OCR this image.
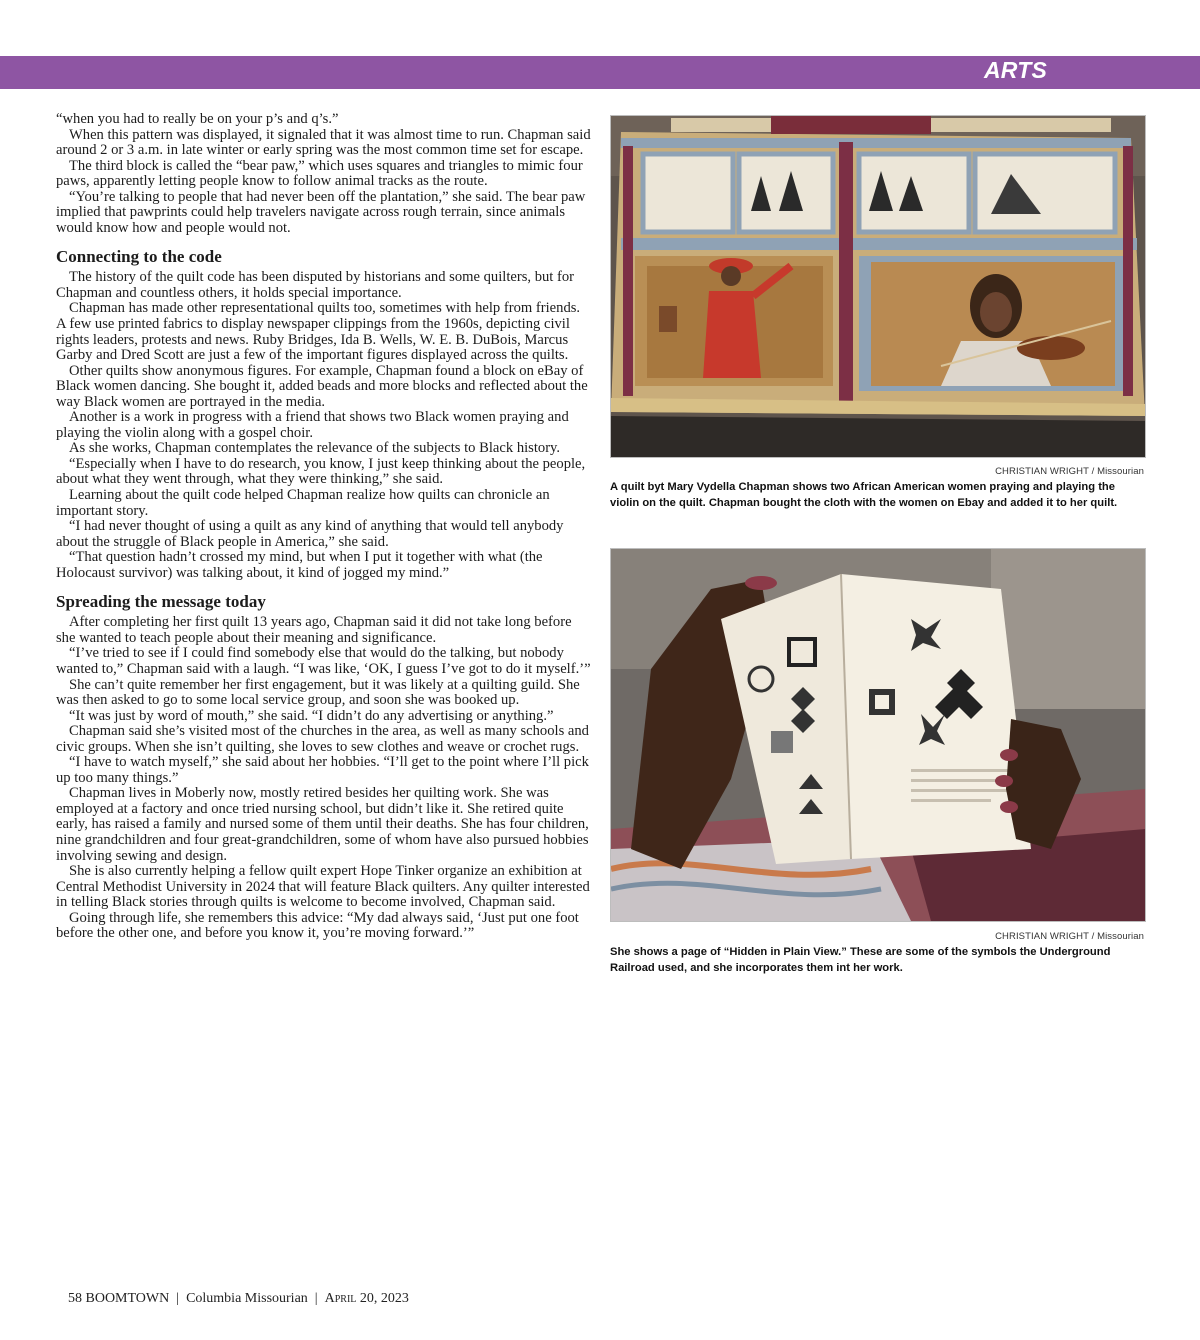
ARTS

“when you had to really be on your p’s and q’s.”

When this pattern was displayed, it signaled that it was almost time to run. Chapman said around 2 or 3 a.m. in late winter or early spring was the most common time set for escape.

The third block is called the “bear paw,” which uses squares and triangles to mimic four paws, apparently letting people know to follow animal tracks as the route.

“You’re talking to people that had never been off the plantation,” she said. The bear paw implied that pawprints could help travelers navigate across rough terrain, since animals would know how and people would not.

Connecting to the code

The history of the quilt code has been disputed by historians and some quilters, but for Chapman and countless others, it holds special importance.

Chapman has made other representational quilts too, sometimes with help from friends. A few use printed fabrics to display newspaper clippings from the 1960s, depicting civil rights leaders, protests and news. Ruby Bridges, Ida B. Wells, W. E. B. DuBois, Marcus Garby and Dred Scott are just a few of the important figures displayed across the quilts.

Other quilts show anonymous figures. For example, Chapman found a block on eBay of Black women dancing. She bought it, added beads and more blocks and reflected about the way Black women are portrayed in the media.

Another is a work in progress with a friend that shows two Black women praying and playing the violin along with a gospel choir.

As she works, Chapman contemplates the relevance of the subjects to Black history.

“Especially when I have to do research, you know, I just keep thinking about the people, about what they went through, what they were thinking,” she said.

Learning about the quilt code helped Chapman realize how quilts can chronicle an important story.

“I had never thought of using a quilt as any kind of anything that would tell anybody about the struggle of Black people in America,” she said.

“That question hadn’t crossed my mind, but when I put it together with what (the Holocaust survivor) was talking about, it kind of jogged my mind.”

Spreading the message today

After completing her first quilt 13 years ago, Chapman said it did not take long before she wanted to teach people about their meaning and significance.

“I’ve tried to see if I could find somebody else that would do the talking, but nobody wanted to,” Chapman said with a laugh. “I was like, ‘OK, I guess I’ve got to do it myself.’”

She can’t quite remember her first engagement, but it was likely at a quilting guild. She was then asked to go to some local service group, and soon she was booked up.

“It was just by word of mouth,” she said. “I didn’t do any advertising or anything.”

Chapman said she’s visited most of the churches in the area, as well as many schools and civic groups. When she isn’t quilting, she loves to sew clothes and weave or crochet rugs.

“I have to watch myself,” she said about her hobbies. “I’ll get to the point where I’ll pick up too many things.”

Chapman lives in Moberly now, mostly retired besides her quilting work. She was employed at a factory and once tried nursing school, but didn’t like it. She retired quite early, has raised a family and nursed some of them until their deaths. She has four children, nine grandchildren and four great-grandchildren, some of whom have also pursued hobbies involving sewing and design.

She is also currently helping a fellow quilt expert Hope Tinker organize an exhibition at Central Methodist University in 2024 that will feature Black quilters. Any quilter interested in telling Black stories through quilts is welcome to become involved, Chapman said.

Going through life, she remembers this advice: “My dad always said, ‘Just put one foot before the other one, and before you know it, you’re moving forward.’”

CHRISTIAN WRIGHT / Missourian
A quilt byt Mary Vydella Chapman shows two African American women praying and playing the violin on the quilt. Chapman bought the cloth with the women on Ebay and added it to her quilt.
CHRISTIAN WRIGHT / Missourian
She shows a page of “Hidden in Plain View.” These are some of the symbols the Underground Railroad used, and she incorporates them int her work.
58 BOOMTOWN | Columbia Missourian | April 20, 2023
